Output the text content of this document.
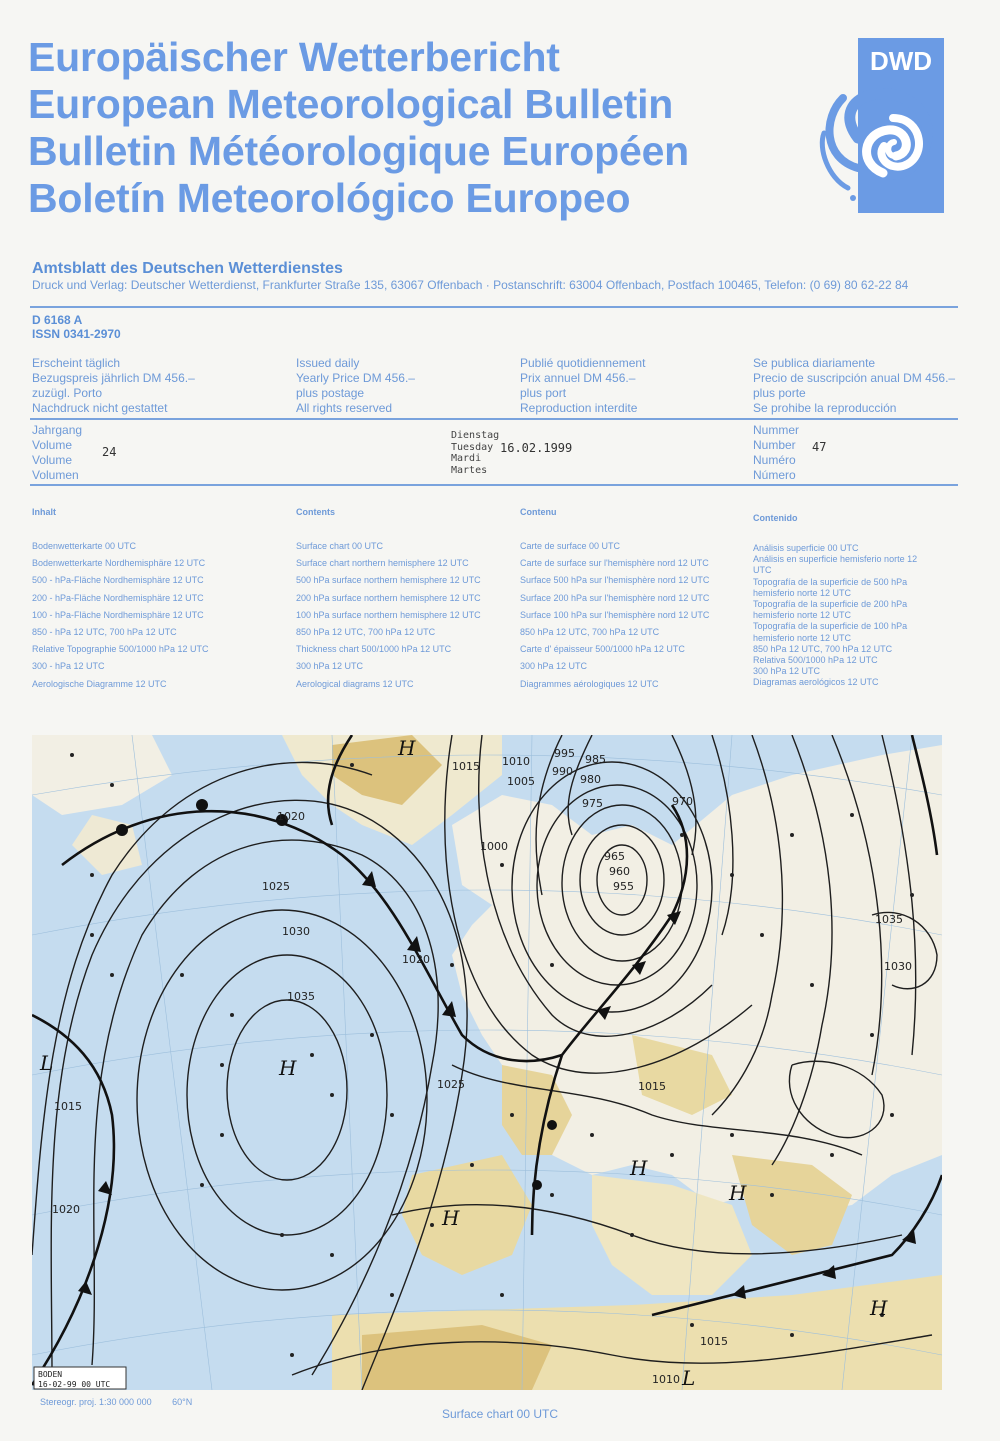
Europäischer Wetterbericht
European Meteorological Bulletin
Bulletin Météorologique Européen
Boletín Meteorológico Europeo
DWD
Amtsblatt des Deutschen Wetterdienstes
Druck und Verlag: Deutscher Wetterdienst, Frankfurter Straße 135, 63067 Offenbach · Postanschrift: 63004 Offenbach, Postfach 100465, Telefon: (0 69) 80 62-22 84
D 6168 A
ISSN 0341-2970
Erscheint täglich
Bezugspreis jährlich DM 456.–
zuzügl. Porto
Nachdruck nicht gestattet
Issued daily
Yearly Price DM 456.–
plus postage
All rights reserved
Publié quotidiennement
Prix annuel DM 456.–
plus port
Reproduction interdite
Se publica diariamente
Precio de suscripción anual DM 456.–
plus porte
Se prohibe la reproducción
Jahrgang
Volume
Volume
Volumen
24
Dienstag
Tuesday
Mardi
Martes
16.02.1999
Nummer
Number
Numéro
Número
47
Inhalt
Bodenwetterkarte 00 UTC
Bodenwetterkarte Nordhemisphäre 12 UTC
500 - hPa-Fläche Nordhemisphäre 12 UTC
200 - hPa-Fläche Nordhemisphäre 12 UTC
100 - hPa-Fläche Nordhemisphäre 12 UTC
850 - hPa 12 UTC, 700 hPa 12 UTC
Relative Topographie 500/1000 hPa 12 UTC
300 - hPa 12 UTC
Aerologische Diagramme 12 UTC
Contents
Surface chart 00 UTC
Surface chart northern hemisphere 12 UTC
500 hPa surface northern hemisphere 12 UTC
200 hPa surface northern hemisphere 12 UTC
100 hPa surface northern hemisphere 12 UTC
850 hPa 12 UTC, 700 hPa 12 UTC
Thickness chart 500/1000 hPa 12 UTC
300 hPa 12 UTC
Aerological diagrams 12 UTC
Contenu
Carte de surface 00 UTC
Carte de surface sur l'hemisphère nord 12 UTC
Surface 500 hPa sur l'hemisphère nord 12 UTC
Surface 200 hPa sur l'hemisphère nord 12 UTC
Surface 100 hPa sur l'hemisphère nord 12 UTC
850 hPa 12 UTC, 700 hPa 12 UTC
Carte d' épaisseur 500/1000 hPa 12 UTC
300 hPa 12 UTC
Diagrammes aérologiques 12 UTC
Contenido
Análisis superficie 00 UTC
Análisis en superficie hemisferio norte 12 UTC
Topografía de la superficie de 500 hPa hemisferio norte 12 UTC
Topografía de la superficie de 200 hPa hemisferio norte 12 UTC
Topografía de la superficie de 100 hPa hemisferio norte 12 UTC
850 hPa 12 UTC, 700 hPa 12 UTC
Relativa 500/1000 hPa 12 UTC
300 hPa 12 UTC
Diagramas aerológicos 12 UTC
1035
1030
1025
1020
1015 1010
1005
1000
995
990
985
980
975	970
965
960
955
1035
1030
1025
1020
1015
1015
1020
1010
1015
H
H
L
H
H
H
L
H
BODEN
16-02-99 00 UTC
Stereogr. proj. 1:30 000 000 60°N
Surface chart 00 UTC
